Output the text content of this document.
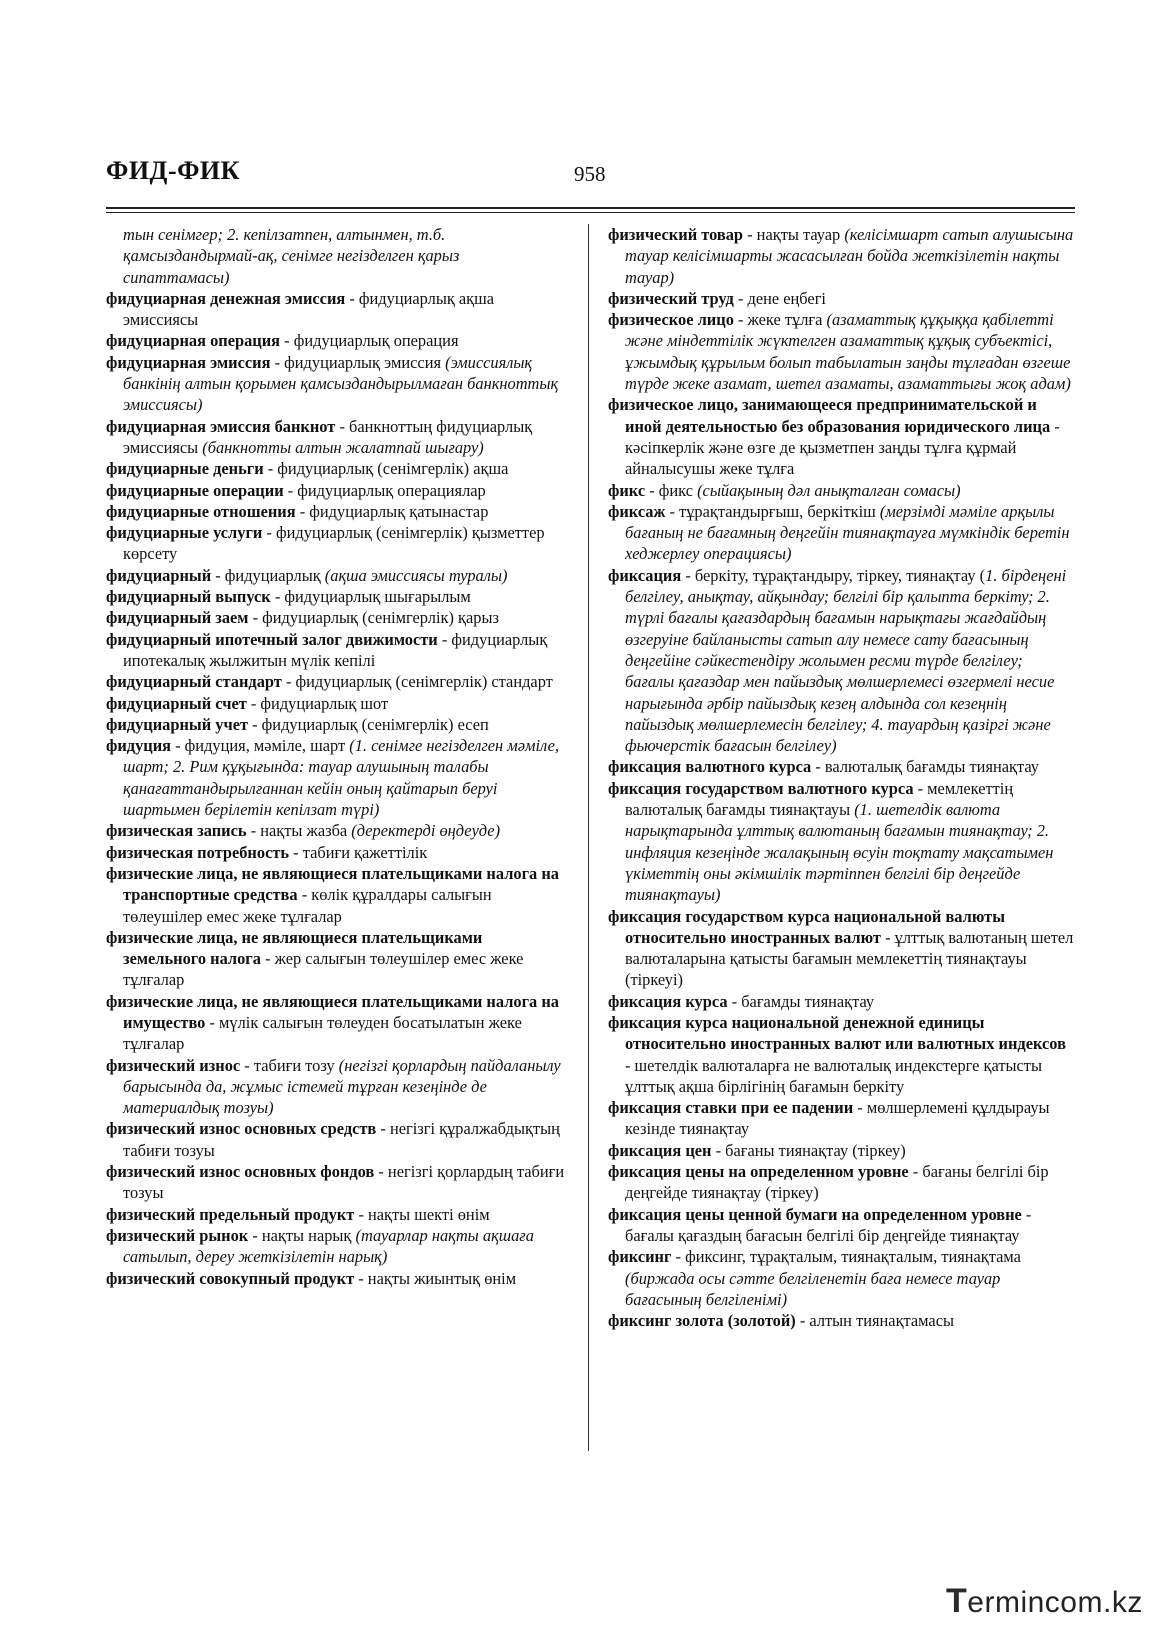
ФИД-ФИК	958

тын сенімгер; 2. кепілзатпен, алтынмен, т.б. қамсыздандырмай-ақ, сенімге негізделген қарыз сипаттамасы)

фидуциарная денежная эмиссия - фидуциарлық ақша эмиссиясы

фидуциарная операция - фидуциарлық операция

фидуциарная эмиссия - фидуциарлық эмиссия (эмиссиялық банкінің алтын қорымен қамсыздандырылмаған банкноттық эмиссиясы)

фидуциарная эмиссия банкнот - банкноттың фидуциарлық эмиссиясы (банкнотты алтын жалатпай шығару)

фидуциарные деньги - фидуциарлық (сенімгерлік) ақша

фидуциарные операции - фидуциарлық операциялар

фидуциарные отношения - фидуциарлық қатынастар

фидуциарные услуги - фидуциарлық (сенімгерлік) қызметтер көрсету

фидуциарный - фидуциарлық (ақша эмиссиясы туралы)

фидуциарный выпуск - фидуциарлық шығарылым

фидуциарный заем - фидуциарлық (сенімгерлік) қарыз

фидуциарный ипотечный залог движимости - фидуциарлық ипотекалық жылжитын мүлік кепілі

фидуциарный стандарт - фидуциарлық (сенімгерлік) стандарт

фидуциарный счет - фидуциарлық шот

фидуциарный учет - фидуциарлық (сенімгерлік) есеп

фидуция - фидуция, мәміле, шарт (1. сенімге негізделген мәміле, шарт; 2. Рим құқығында: тауар алушының талабы қанағаттандырылғаннан кейін оның қайтарып беруі шартымен берілетін кепілзат түрі)

физическая запись - нақты жазба (деректерді өңдеуде)

физическая потребность - табиғи қажеттілік

физические лица, не являющиеся плательщиками налога на транспортные средства - көлік құралдары салығын төлеушілер емес жеке тұлғалар

физические лица, не являющиеся плательщиками земельного налога - жер салығын төлеушілер емес жеке тұлғалар

физические лица, не являющиеся плательщиками налога на имущество - мүлік салығын төлеуден босатылатын жеке тұлғалар

физический износ - табиғи тозу (негізгі қорлардың пайдаланылу барысында да, жұмыс істемей тұрған кезеңінде де материалдық тозуы)

физический износ основных средств - негізгі құралжабдықтың табиғи тозуы

физический износ основных фондов - негізгі қорлардың табиғи тозуы

физический предельный продукт - нақты шекті өнім

физический рынок - нақты нарық (тауарлар нақты ақшаға сатылып, дереу жеткізілетін нарық)

физический совокупный продукт - нақты жиынтық өнім

физический товар - нақты тауар (келісімшарт сатып алушысына тауар келісімшарты жасасылған бойда жеткізілетін нақты тауар)

физический труд - дене еңбегі

физическое лицо - жеке тұлға (азаматтық құқыққа қабілетті және міндеттілік жүктелген азаматтық құқық субъектісі, ұжымдық құрылым болып табылатын заңды тұлғадан өзгеше түрде жеке азамат, шетел азаматы, азаматтығы жоқ адам)

физическое лицо, занимающееся предпринимательской и иной деятельностью без образования юридического лица - кәсіпкерлік және өзге де қызметпен заңды тұлға құрмай айналысушы жеке тұлға

фикс - фикс (сыйақының дәл анықталған сомасы)

фиксаж - тұрақтандырғыш, беркіткіш (мерзімді мәміле арқылы бағаның не бағамның деңгейін тиянақтауға мүмкіндік беретін хеджерлеу операциясы)

фиксация - беркіту, тұрақтандыру, тіркеу, тиянақтау (1. бірдеңені белгілеу, анықтау, айқындау; белгілі бір қалыпта беркіту; 2. түрлі бағалы қағаздардың бағамын нарықтағы жағдайдың өзгеруіне байланысты сатып алу немесе сату бағасының деңгейіне сәйкестендіру жолымен ресми түрде белгілеу; бағалы қағаздар мен пайыздық мөлшерлемесі өзгермелі несие нарығында әрбір пайыздық кезең алдында сол кезеңнің пайыздық мөлшерлемесін белгілеу; 4. тауардың қазіргі және фьючерстік бағасын белгілеу)

фиксация валютного курса - валюталық бағамды тиянақтау

фиксация государством валютного курса - мемлекеттің валюталық бағамды тиянақтауы (1. шетелдік валюта нарықтарында ұлттық валютаның бағамын тиянақтау; 2. инфляция кезеңінде жалақының өсуін тоқтату мақсатымен үкіметтің оны әкімшілік тәртіппен белгілі бір деңгейде тиянақтауы)

фиксация государством курса национальной валюты относительно иностранных валют - ұлттық валютаның шетел валюталарына қатысты бағамын мемлекеттің тиянақтауы (тіркеуі)

фиксация курса - бағамды тиянақтау

фиксация курса национальной денежной единицы относительно иностранных валют или валютных индексов - шетелдік валюталарға не валюталық индекстерге қатысты ұлттық ақша бірлігінің бағамын беркіту

фиксация ставки при ее падении - мөлшерлемені құлдырауы кезінде тиянақтау

фиксация цен - бағаны тиянақтау (тіркеу)

фиксация цены на определенном уровне - бағаны белгілі бір деңгейде тиянақтау (тіркеу)

фиксация цены ценной бумаги на определенном уровне - бағалы қағаздың бағасын белгілі бір деңгейде тиянақтау

фиксинг - фиксинг, тұрақталым, тиянақталым, тиянақтама (биржада осы сәтте белгіленетін баға немесе тауар бағасының белгіленімі)

фиксинг золота (золотой) - алтын тиянақтамасы

Termincom.kz
